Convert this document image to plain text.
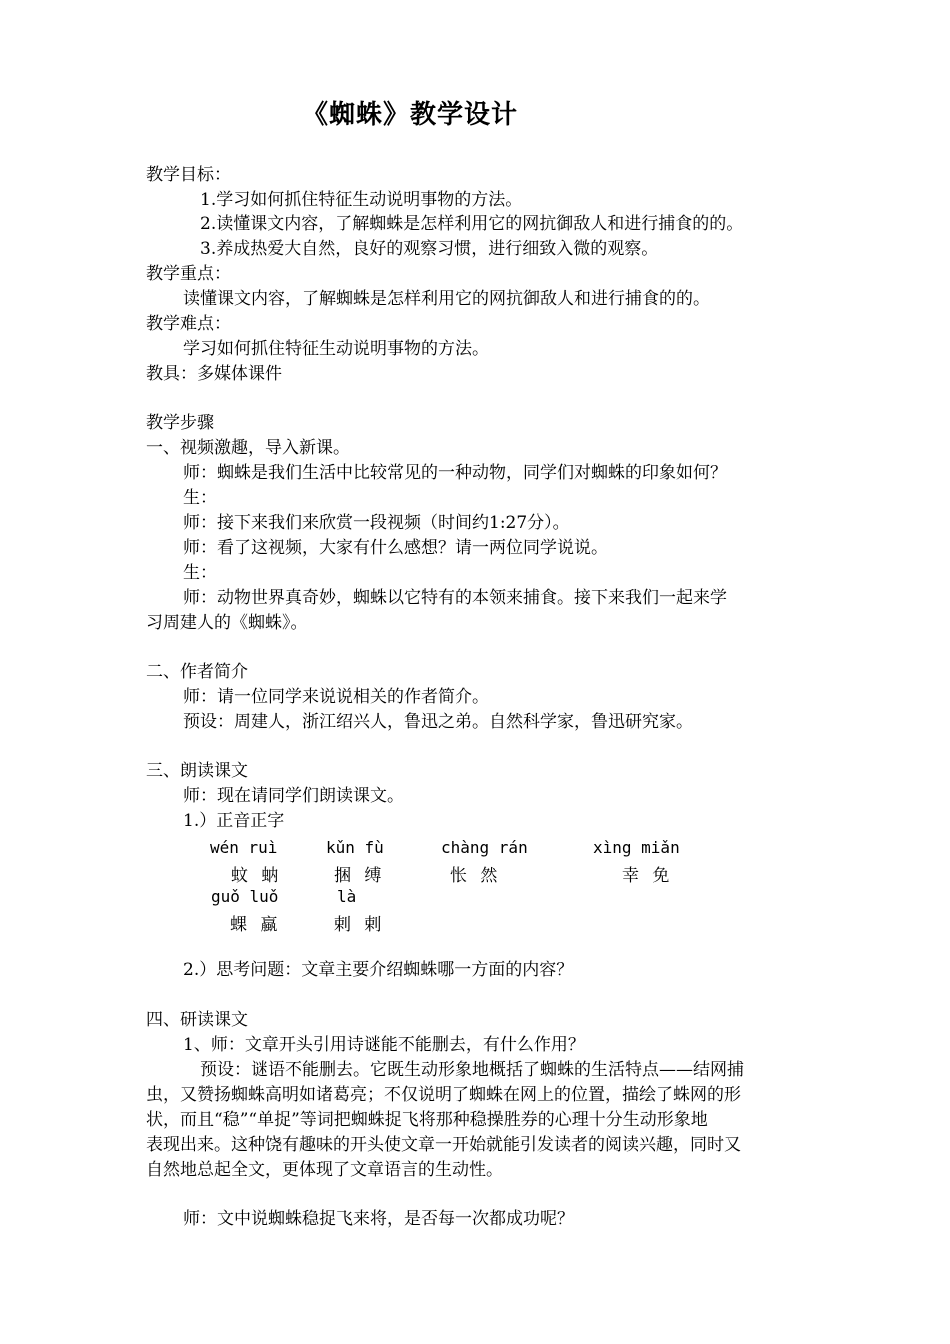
《蜘蛛》教学设计
教学目标：
1.学习如何抓住特征生动说明事物的方法。
2.读懂课文内容，了解蜘蛛是怎样利用它的网抗御敌人和进行捕食的的。
3.养成热爱大自然，良好的观察习惯，进行细致入微的观察。
教学重点：
读懂课文内容，了解蜘蛛是怎样利用它的网抗御敌人和进行捕食的的。
教学难点：
学习如何抓住特征生动说明事物的方法。
教具：多媒体课件
教学步骤
一、视频激趣，导入新课。
师：蜘蛛是我们生活中比较常见的一种动物，同学们对蜘蛛的印象如何？
生：
师：接下来我们来欣赏一段视频（时间约1:27分）。
师：看了这视频，大家有什么感想？请一两位同学说说。
生：
师：动物世界真奇妙，蜘蛛以它特有的本领来捕食。接下来我们一起来学
习周建人的《蜘蛛》。
二、作者简介
师：请一位同学来说说相关的作者简介。
预设：周建人，浙江绍兴人，鲁迅之弟。自然科学家，鲁迅研究家。
三、朗读课文
师：现在请同学们朗读课文。
1.）正音正字
wén ruì
蚊 蚋
kǔn fù
捆 缚
chàng rán
怅 然
xìng miǎn
幸 免
guǒ luǒ
蜾 蠃
là
剌 剌
2.）思考问题：文章主要介绍蜘蛛哪一方面的内容？
四、研读课文
1、师：文章开头引用诗谜能不能删去，有什么作用？
预设：谜语不能删去。它既生动形象地概括了蜘蛛的生活特点——结网捕
虫，又赞扬蜘蛛高明如诸葛亮；不仅说明了蜘蛛在网上的位置，描绘了蛛网的形
状，而且“稳”“单捉”等词把蜘蛛捉飞将那种稳操胜券的心理十分生动形象地
表现出来。这种饶有趣味的开头使文章一开始就能引发读者的阅读兴趣，同时又
自然地总起全文，更体现了文章语言的生动性。
师：文中说蜘蛛稳捉飞来将，是否每一次都成功呢？
